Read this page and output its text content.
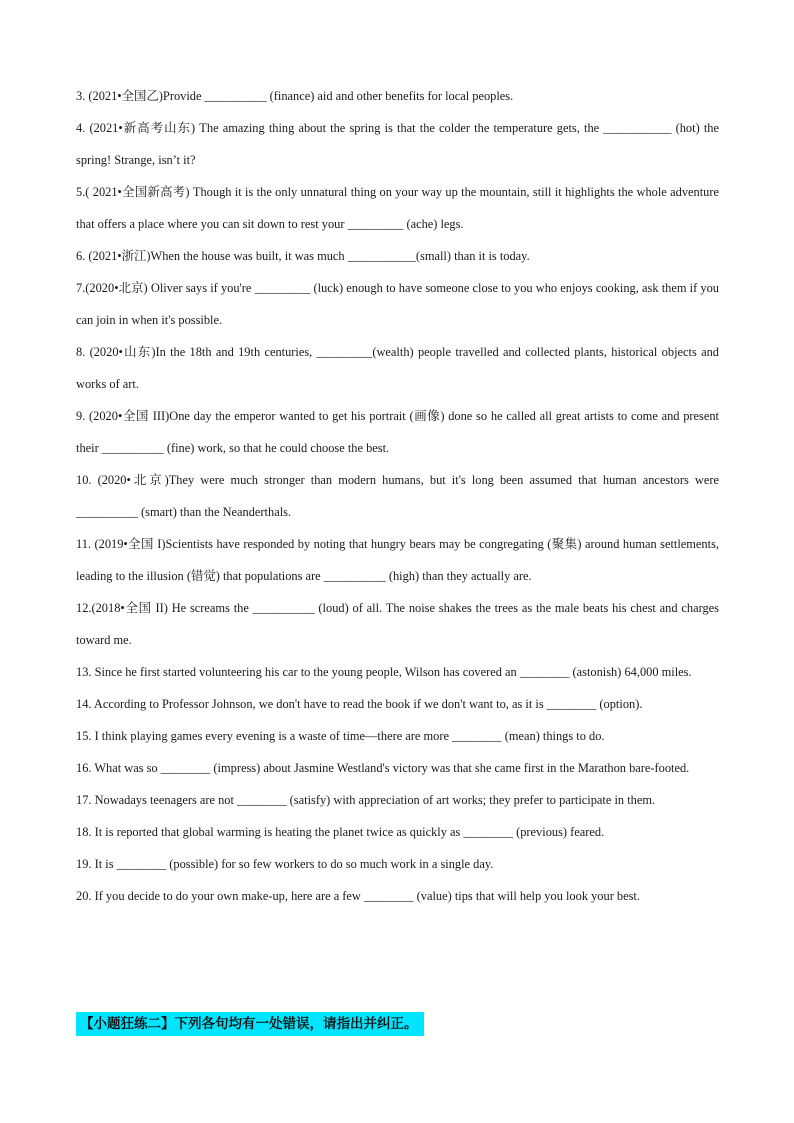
3. (2021•全国乙)Provide __________ (finance) aid and other benefits for local peoples.

4. (2021•新高考山东) The amazing thing about the spring is that the colder the temperature gets, the ___________ (hot) the spring! Strange, isn’t it?

5.( 2021•全国新高考) Though it is the only unnatural thing on your way up the mountain, still it highlights the whole adventure that offers a place where you can sit down to rest your _________ (ache) legs.

6. (2021•浙江)When the house was built, it was much ___________(small) than it is today.

7.(2020•北京) Oliver says if you're _________ (luck) enough to have someone close to you who enjoys cooking, ask them if you can join in when it's possible.

8. (2020•山东)In the 18th and 19th centuries, _________(wealth) people travelled and collected plants, historical objects and works of art.

9. (2020•全国 III)One day the emperor wanted to get his portrait (画像) done so he called all great artists to come and present their __________ (fine) work, so that he could choose the best.

10. (2020•北京)They were much stronger than modern humans, but it's long been assumed that human ancestors were __________ (smart) than the Neanderthals.

11. (2019•全国 I)Scientists have responded by noting that hungry bears may be congregating (聚集) around human settlements, leading to the illusion (错觉) that populations are __________ (high) than they actually are.

12.(2018•全国 II) He screams the __________ (loud) of all. The noise shakes the trees as the male beats his chest and charges toward me.

13. Since he first started volunteering his car to the young people, Wilson has covered an ________ (astonish) 64,000 miles.

14. According to Professor Johnson, we don't have to read the book if we don't want to, as it is ________ (option).

15. I think playing games every evening is a waste of time—there are more ________ (mean) things to do.

16. What was so ________ (impress) about Jasmine Westland's victory was that she came first in the Marathon bare-footed.

17. Nowadays teenagers are not ________ (satisfy) with appreciation of art works; they prefer to participate in them.

18. It is reported that global warming is heating the planet twice as quickly as ________ (previous) feared.

19. It is ________ (possible) for so few workers to do so much work in a single day.

20. If you decide to do your own make-up, here are a few ________ (value) tips that will help you look your best.

【小题狂练二】下列各句均有一处错误，请指出并纠正。
